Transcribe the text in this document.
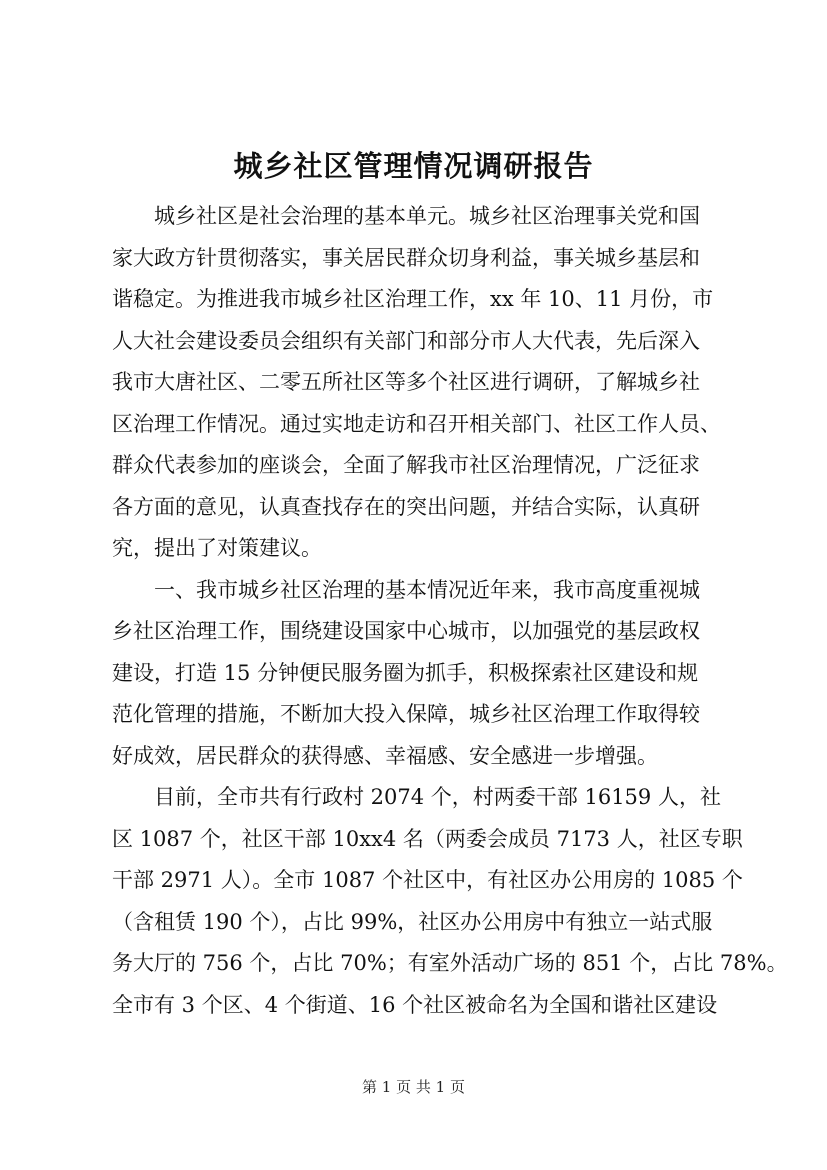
城乡社区管理情况调研报告
　　城乡社区是社会治理的基本单元。城乡社区治理事关党和国
家大政方针贯彻落实，事关居民群众切身利益，事关城乡基层和
谐稳定。为推进我市城乡社区治理工作，xx 年 10、11 月份，市
人大社会建设委员会组织有关部门和部分市人大代表，先后深入
我市大唐社区、二零五所社区等多个社区进行调研，了解城乡社
区治理工作情况。通过实地走访和召开相关部门、社区工作人员、
群众代表参加的座谈会，全面了解我市社区治理情况，广泛征求
各方面的意见，认真查找存在的突出问题，并结合实际，认真研
究，提出了对策建议。
　　一、我市城乡社区治理的基本情况近年来，我市高度重视城
乡社区治理工作，围绕建设国家中心城市，以加强党的基层政权
建设，打造 15 分钟便民服务圈为抓手，积极探索社区建设和规
范化管理的措施，不断加大投入保障，城乡社区治理工作取得较
好成效，居民群众的获得感、幸福感、安全感进一步增强。
　　目前，全市共有行政村 2074 个，村两委干部 16159 人，社
区 1087 个，社区干部 10xx4 名（两委会成员 7173 人，社区专职
干部 2971 人）。全市 1087 个社区中，有社区办公用房的 1085 个
（含租赁 190 个），占比 99%，社区办公用房中有独立一站式服
务大厅的 756 个，占比 70%；有室外活动广场的 851 个，占比 78%。
全市有 3 个区、4 个街道、16 个社区被命名为全国和谐社区建设
第 1 页 共 1 页
